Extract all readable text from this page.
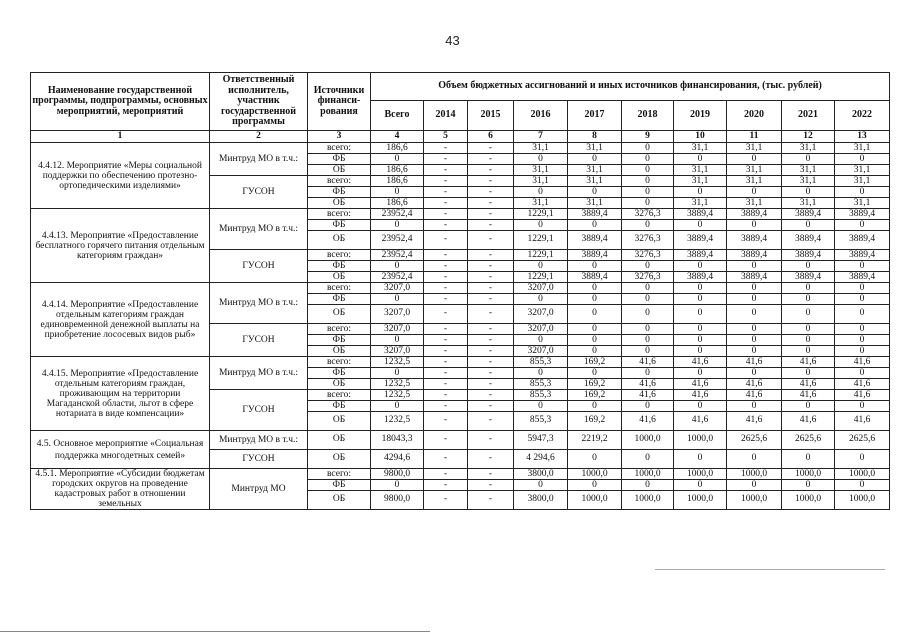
43
Наименование государственной программы, подпрограммы, основных мероприятий, мероприятий	Ответственный исполнитель, участник государственной программы	Источники финанси-рования	Объем бюджетных ассигнований и иных источников финансирования, (тыс. рублей)									
			Всего	2014	2015	2016	2017	2018	2019	2020	2021	2022
1	2	3	4	5	6	7	8	9	10	11	12	13
4.4.12. Мероприятие «Меры социальной поддержки по обеспечению протезно-ортопедическими изделиями»	Минтруд МО в т.ч.:	всего:	186,6	-	-	31,1	31,1	0	31,1	31,1	31,1	31,1
		ФБ	0	-	-	0	0	0	0	0	0	0
		ОБ	186,6	-	-	31,1	31,1	0	31,1	31,1	31,1	31,1
	ГУСОН	всего:	186,6	-	-	31,1	31,1	0	31,1	31,1	31,1	31,1
		ФБ	0	-	-	0	0	0	0	0	0	0
		ОБ	186,6	-	-	31,1	31,1	0	31,1	31,1	31,1	31,1
4.4.13. Мероприятие «Предоставление бесплатного горячего питания отдельным категориям граждан»	Минтруд МО в т.ч.:	всего:	23952,4	-	-	1229,1	3889,4	3276,3	3889,4	3889,4	3889,4	3889,4
		ФБ	0	-	-	0	0	0	0	0	0	0
		ОБ	23952,4	-	-	1229,1	3889,4	3276,3	3889,4	3889,4	3889,4	3889,4
	ГУСОН	всего:	23952,4	-	-	1229,1	3889,4	3276,3	3889,4	3889,4	3889,4	3889,4
		ФБ	0	-	-	0	0	0	0	0	0	0
		ОБ	23952,4	-	-	1229,1	3889,4	3276,3	3889,4	3889,4	3889,4	3889,4
4.4.14. Мероприятие «Предоставление отдельным категориям граждан единовременной денежной выплаты на приобретение лососевых видов рыб»	Минтруд МО в т.ч.:	всего:	3207,0	-	-	3207,0	0	0	0	0	0	0
		ФБ	0	-	-	0	0	0	0	0	0	0
		ОБ	3207,0	-	-	3207,0	0	0	0	0	0	0
	ГУСОН	всего:	3207,0	-	-	3207,0	0	0	0	0	0	0
		ФБ	0	-	-	0	0	0	0	0	0	0
		ОБ	3207,0	-	-	3207,0	0	0	0	0	0	0
4.4.15. Мероприятие «Предоставление отдельным категориям граждан, проживающим на территории Магаданской области, льгот в сфере нотариата в виде компенсации»	Минтруд МО в т.ч.:	всего:	1232,5	-	-	855,3	169,2	41,6	41,6	41,6	41,6	41,6
		ФБ	0	-	-	0	0	0	0	0	0	0
		ОБ	1232,5	-	-	855,3	169,2	41,6	41,6	41,6	41,6	41,6
	ГУСОН	всего:	1232,5	-	-	855,3	169,2	41,6	41,6	41,6	41,6	41,6
		ФБ	0	-	-	0	0	0	0	0	0	0
		ОБ	1232,5	-	-	855,3	169,2	41,6	41,6	41,6	41,6	41,6
4.5. Основное мероприятие «Социальная поддержка многодетных семей»	Минтруд МО в т.ч.:	ОБ	18043,3	-	-	5947,3	2219,2	1000,0	1000,0	2625,6	2625,6	2625,6
	ГУСОН	ОБ	4294,6	-	-	4 294,6	0	0	0	0	0	0
4.5.1. Мероприятие «Субсидии бюджетам городских округов на проведение кадастровых работ в отношении земельных	Минтруд МО	всего:	9800,0	-	-	3800,0	1000,0	1000,0	1000,0	1000,0	1000,0	1000,0
		ФБ	0	-	-	0	0	0	0	0	0	0
		ОБ	9800,0	-	-	3800,0	1000,0	1000,0	1000,0	1000,0	1000,0	1000,0
